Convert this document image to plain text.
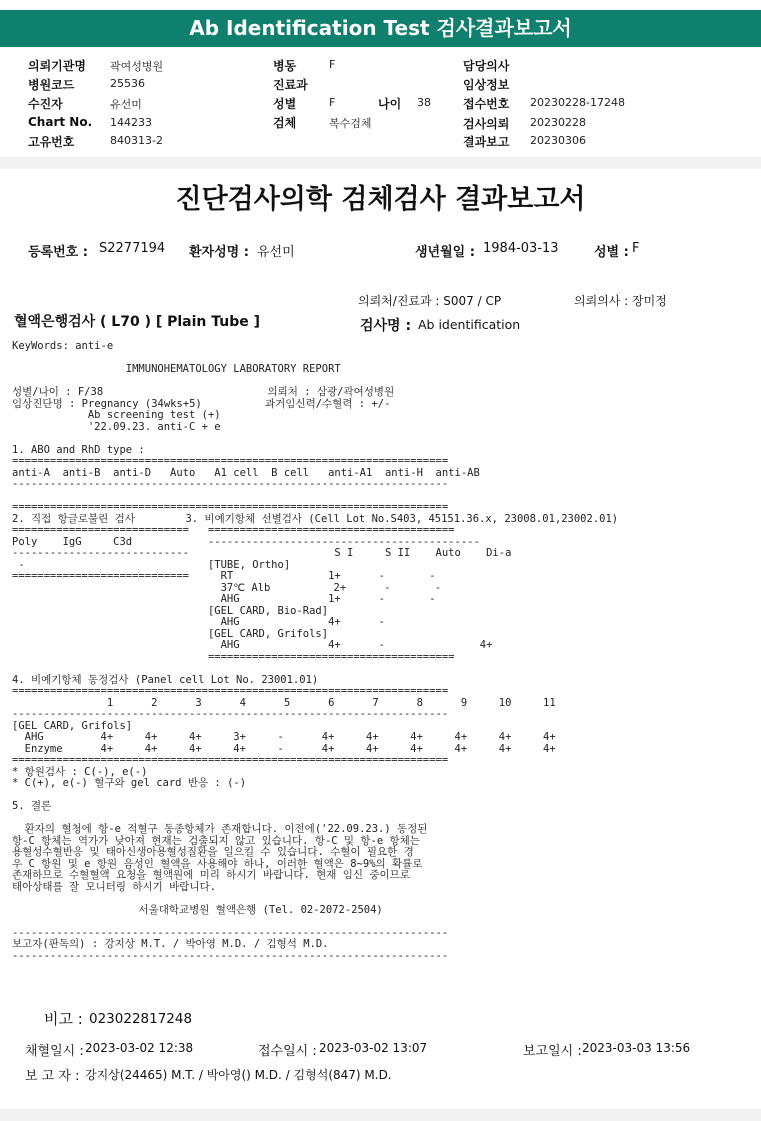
Ab Identification Test 검사결과보고서
의뢰기관명 곽여성병원
병원코드	25536
수진자	유선미
Chart No. 144233
고유번호	840313-2
병동	F
진료과
성별	F	나이 38
검체	복수검체
담당의사
임상정보
접수번호 20230228-17248
검사의뢰 20230228
결과보고 20230306
진단검사의학 검체검사 결과보고서
등록번호 : S2277194 환자성명 : 유선미	생년월일 : 1984-03-13	성별 : F
의뢰처/진료과 : S007 / CP	의뢰의사 : 장미정
혈액은행검사 ( L70 ) [ Plain Tube ]	검사명 : Ab identification
KeyWords: anti-e
IMMUNOHEMATOLOGY LABORATORY REPORT
성별/나이 : F/38                          의뢰처 : 삼광/곽여성병원
임상진단명 : Pregnancy (34wks+5)          과거임신력/수혈력 : +/-
Ab screening test (+)
'22.09.23. anti-C + e
1. ABO and RhD type :
=====================================================================
anti-A  anti-B  anti-D   Auto   A1 cell  B cell   anti-A1  anti-H  anti-AB
---------------------------------------------------------------------
=====================================================================
2. 직접 항글로불린 검사        3. 비예기항체 선별검사 (Cell Lot No.S403, 45151.36.x, 23008.01,23002.01)
============================   =======================================
Poly    IgG     C3d            -------------------------------------------
----------------------------                       S I     S II    Auto    Di-a
-                             [TUBE, Ortho]
============================     RT               1+      -       -
37℃ Alb          2+      -       -
AHG              1+      -       -
[GEL CARD, Bio-Rad]
AHG              4+      -
[GEL CARD, Grifols]
AHG              4+      -               4+
=======================================
4. 비예기항체 동정검사 (Panel cell Lot No. 23001.01)
=====================================================================
1      2      3      4      5      6      7      8      9     10     11
---------------------------------------------------------------------
[GEL CARD, Grifols]
AHG         4+     4+     4+     3+     -      4+     4+     4+     4+     4+     4+
Enzyme      4+     4+     4+     4+     -      4+     4+     4+     4+     4+     4+
=====================================================================
* 항원검사 : C(-), e(-)
* C(+), e(-) 혈구와 gel card 반응 : (-)
5. 결론
환자의 혈청에 항-e 적혈구 동종항체가 존재합니다. 이전에('22.09.23.) 동정된
항-C 항체는 역가가 낮아져 현재는 검출되지 않고 있습니다. 항-C 및 항-e 항체는
용혈성수혈반응 및 태아신생아용혈성질환을 일으킬 수 있습니다. 수혈이 필요한 경
우 C 항원 및 e 항원 음성인 혈액을 사용해야 하나, 이러한 혈액은 8~9%의 확률로
존재하므로 수혈혈액 요청을 혈액원에 미리 하시기 바랍니다. 현재 임신 중이므로
태아상태를 잘 모니터링 하시기 바랍니다.
서울대학교병원 혈액은행 (Tel. 02-2072-2504)
---------------------------------------------------------------------
보고자(판독의) : 강지상 M.T. / 박아영 M.D. / 김형석 M.D.
---------------------------------------------------------------------
비고 : 023022817248
채혈일시 : 2023-03-02 12:38	접수일시 : 2023-03-02 13:07	보고일시 : 2023-03-03 13:56
보 고 자 : 강지상(24465) M.T. / 박아영() M.D. / 김형석(847) M.D.
